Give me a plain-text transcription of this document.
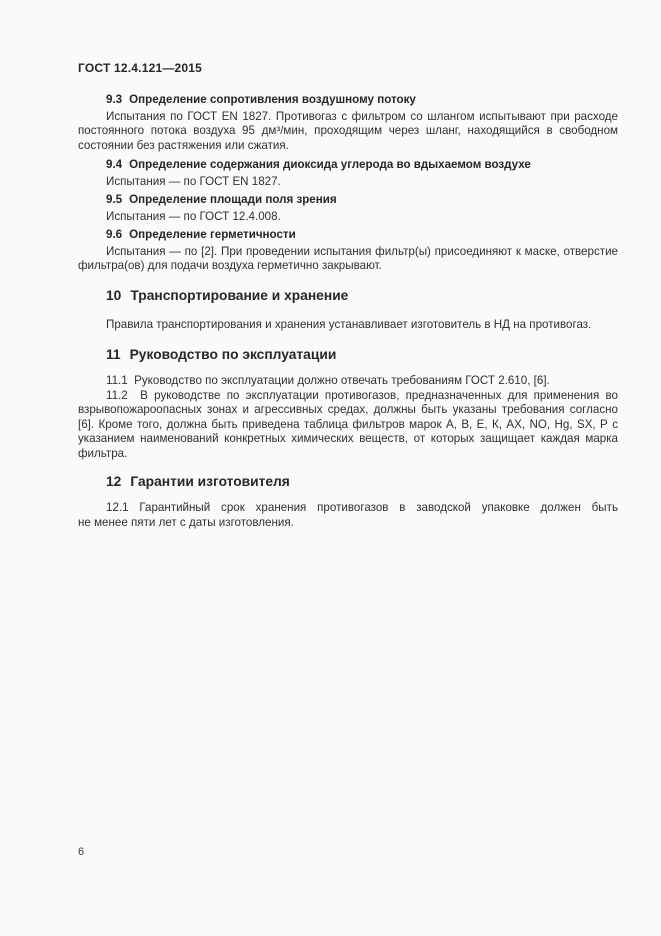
ГОСТ 12.4.121—2015

9.3 Определение сопротивления воздушному потоку

Испытания по ГОСТ EN 1827. Противогаз с фильтром со шлангом испытывают при расходе постоянного потока воздуха 95 дм³/мин, проходящим через шланг, находящийся в свободном состоянии без растяжения или сжатия.

9.4 Определение содержания диоксида углерода во вдыхаемом воздухе

Испытания — по ГОСТ EN 1827.

9.5 Определение площади поля зрения

Испытания — по ГОСТ 12.4.008.

9.6 Определение герметичности

Испытания — по [2]. При проведении испытания фильтр(ы) присоединяют к маске, отверстие фильтра(ов) для подачи воздуха герметично закрывают.

10 Транспортирование и хранение

Правила транспортирования и хранения устанавливает изготовитель в НД на противогаз.

11 Руководство по эксплуатации

11.1  Руководство по эксплуатации должно отвечать требованиям ГОСТ 2.610, [6].

11.2  В руководстве по эксплуатации противогазов, предназначенных для применения во взрывопожароопасных зонах и агрессивных средах, должны быть указаны требования согласно [6]. Кроме того, должна быть приведена таблица фильтров марок А, В, Е, К, АХ, NO, Hg, SX, Р с указанием наименований конкретных химических веществ, от которых защищает каждая марка фильтра.

12 Гарантии изготовителя

12.1 Гарантийный срок хранения противогазов в заводской упаковке должен быть

не менее пяти лет с даты изготовления.

6
